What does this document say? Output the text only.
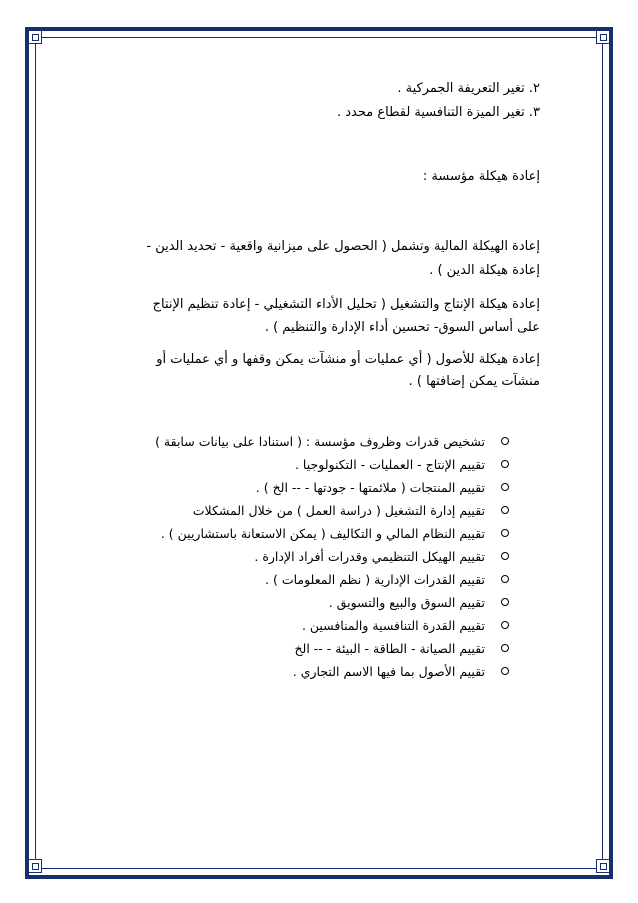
٢. تغير التعريفة الجمركية .
٣. تغير الميزة التنافسية لقطاع محدد .
إعادة هيكلة مؤسسة :
إعادة الهيكلة المالية وتشمل ( الحصول على ميزانية واقعية - تحديد الدين -
إعادة هيكلة الدين ) .
إعادة هيكلة الإنتاج والتشغيل ( تحليل الأداء التشغيلي - إعادة تنظيم الإنتاج
على أساس السوق- تحسين أداء الإدارة والتنظيم ) .
إعادة هيكلة للأصول ( أي عمليات أو منشآت يمكن وقفها و أي عمليات أو
منشآت يمكن إضافتها ) .
تشخيص قدرات وظروف مؤسسة : ( استنادا على بيانات سابقة )
تقييم الإنتاج - العمليات - التكنولوجيا .
تقييم المنتجات ( ملائمتها - جودتها - -- الخ ) .
تقييم إدارة التشغيل ( دراسة العمل ) من خلال المشكلات
تقييم النظام المالي و التكاليف ( يمكن الاستعانة باستشاريين ) .
تقييم الهيكل التنظيمي وقدرات أفراد الإدارة .
تقييم القدرات الإدارية ( نظم المعلومات ) .
تقييم السوق والبيع والتسويق .
تقييم القدرة التنافسية والمنافسين .
تقييم الصيانة - الطاقة - البيئة - -- الخ
تقييم الأصول بما فيها الاسم التجاري .
